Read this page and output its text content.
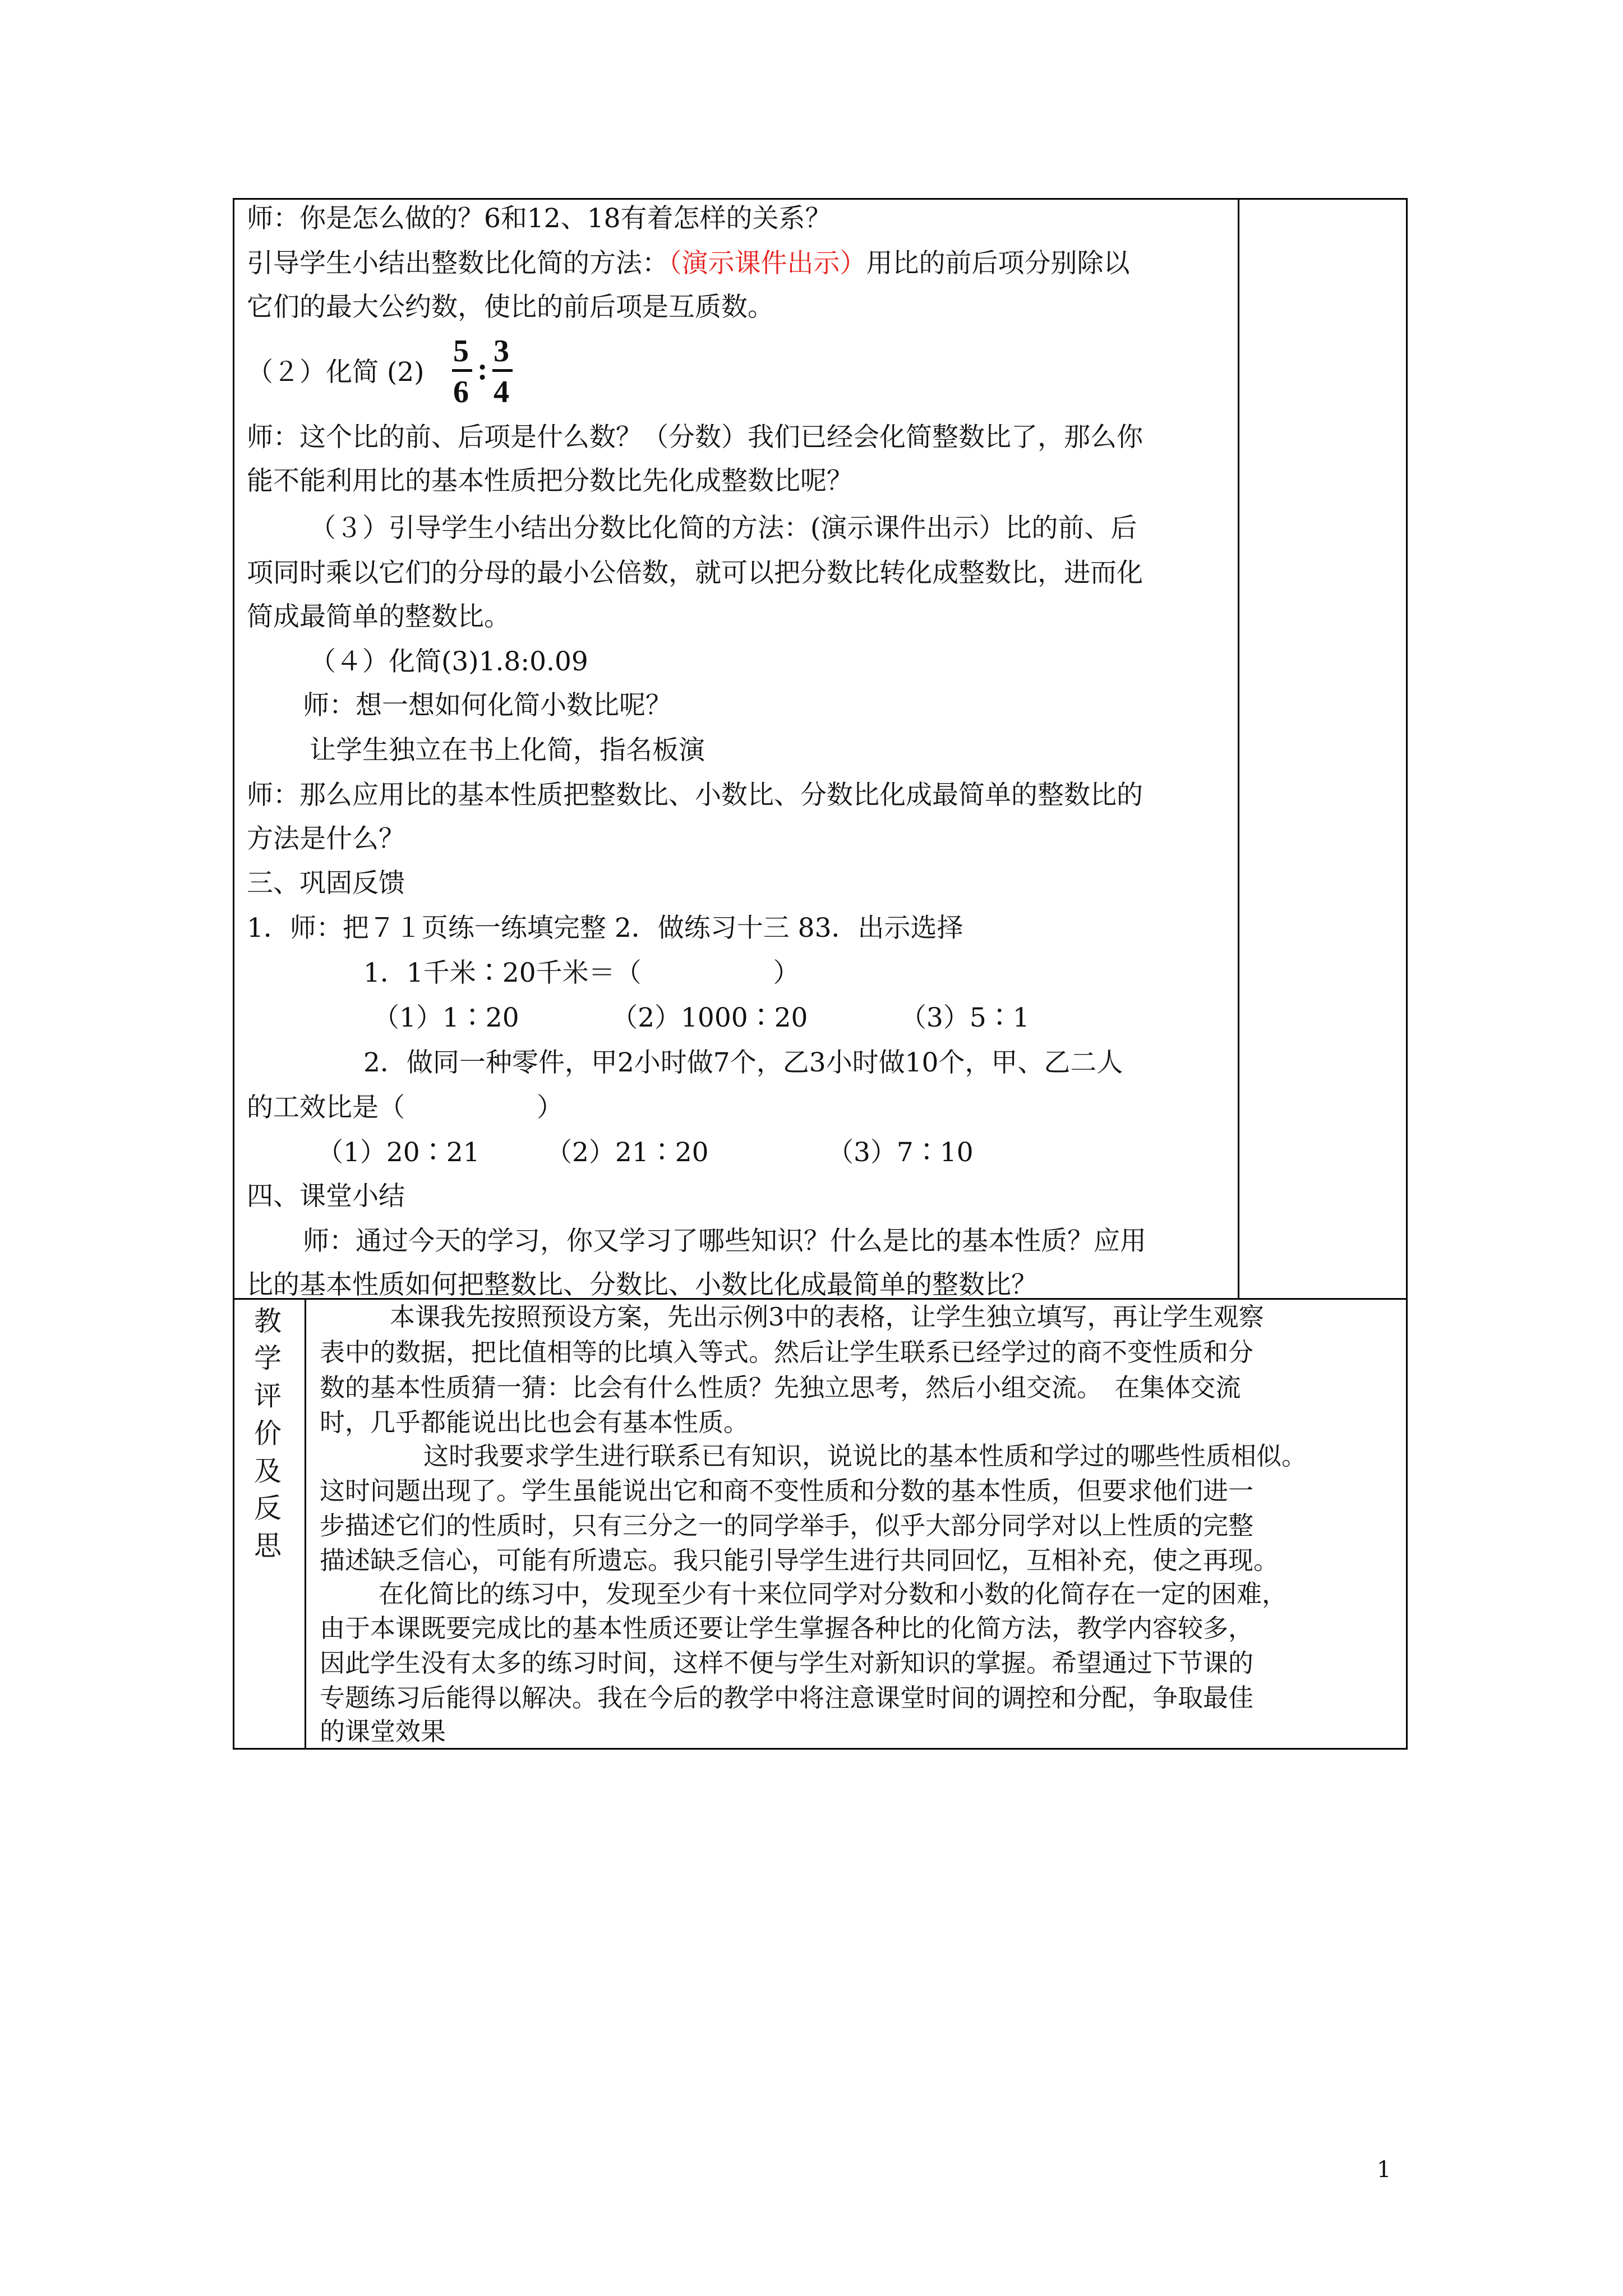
师：你是怎么做的？6和12、18有着怎样的关系？
引导学生小结出整数比化简的方法：（演示课件出示）用比的前后项分别除以
它们的最大公约数，使比的前后项是互质数。
（２）化简 (2)
5
6
:
3
4
师：这个比的前、后项是什么数？（分数）我们已经会化简整数比了，那么你
能不能利用比的基本性质把分数比先化成整数比呢？
（３）引导学生小结出分数比化简的方法：(演示课件出示）比的前、后
项同时乘以它们的分母的最小公倍数，就可以把分数比转化成整数比，进而化
简成最简单的整数比。
（４）化简(3)1.8:0.09
师：想一想如何化简小数比呢？
让学生独立在书上化简，指名板演
师：那么应用比的基本性质把整数比、小数比、分数比化成最简单的整数比的
方法是什么？
三、巩固反馈
1．师：把７１页练一练填完整 2．做练习十三 83．出示选择
1．1千米∶20千米＝（　　　　　）
（1）1∶20　　　　（2）1000∶20　　　　（3）5∶1
2．做同一种零件，甲2小时做7个，乙3小时做10个，甲、乙二人
的工效比是（　　　　　）
（1）20∶21　　　（2）21∶20　　　　　（3）7∶10
四、课堂小结
师：通过今天的学习，你又学习了哪些知识？什么是比的基本性质？应用
比的基本性质如何把整数比、分数比、小数比化成最简单的整数比？
教
学
评
价
及
反
思
本课我先按照预设方案，先出示例3中的表格，让学生独立填写，再让学生观察
表中的数据，把比值相等的比填入等式。然后让学生联系已经学过的商不变性质和分
数的基本性质猜一猜：比会有什么性质？先独立思考，然后小组交流。　在集体交流
时，几乎都能说出比也会有基本性质。
这时我要求学生进行联系已有知识，说说比的基本性质和学过的哪些性质相似。
这时问题出现了。学生虽能说出它和商不变性质和分数的基本性质，但要求他们进一
步描述它们的性质时，只有三分之一的同学举手，似乎大部分同学对以上性质的完整
描述缺乏信心，可能有所遗忘。我只能引导学生进行共同回忆，互相补充，使之再现。
在化简比的练习中，发现至少有十来位同学对分数和小数的化简存在一定的困难，
由于本课既要完成比的基本性质还要让学生掌握各种比的化简方法，教学内容较多，
因此学生没有太多的练习时间，这样不便与学生对新知识的掌握。希望通过下节课的
专题练习后能得以解决。我在今后的教学中将注意课堂时间的调控和分配，争取最佳
的课堂效果
1
